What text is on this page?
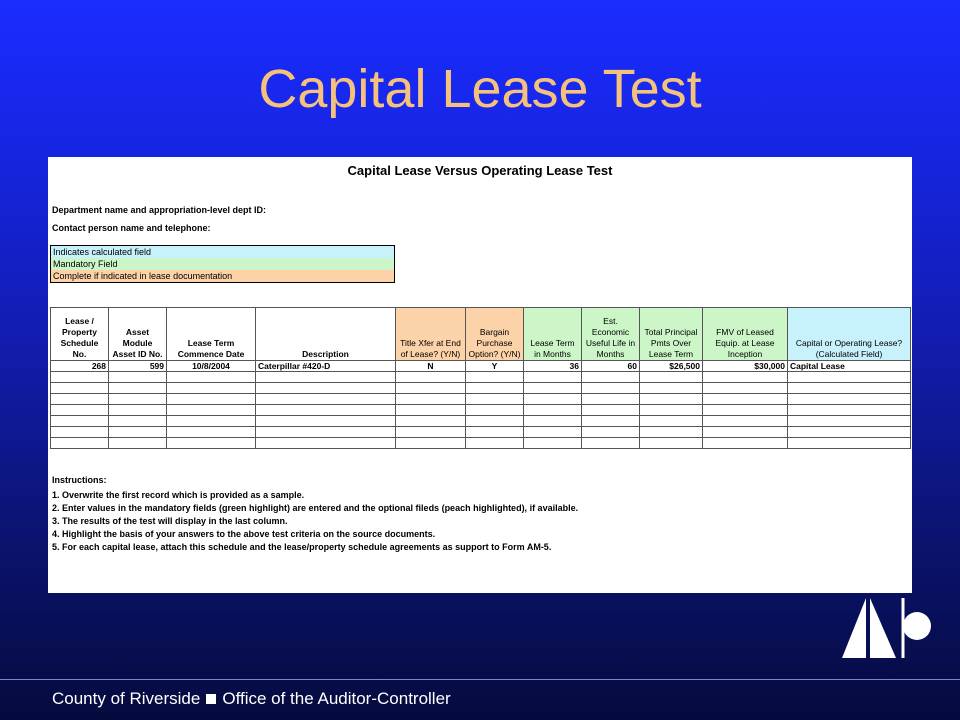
Capital Lease Test
Capital Lease Versus Operating Lease Test
Department name and appropriation-level dept ID:
Contact person name and telephone:
Indicates calculated field
Mandatory Field
Complete if indicated in lease documentation
Lease / Property Schedule No.	Asset Module Asset ID No.	Lease Term Commence Date	Description	Title Xfer at End of Lease? (Y/N)	Bargain Purchase Option? (Y/N)	Lease Term in Months	Est. Economic Useful Life in Months	Total Principal Pmts Over Lease Term	FMV of Leased Equip. at Lease Inception	Capital or Operating Lease? (Calculated Field)
268	599	10/8/2004	Caterpillar #420-D	N	Y	36	60	$26,500	$30,000	Capital Lease

Instructions:
1. Overwrite the first record which is provided as a sample.
2. Enter values in the mandatory fields (green highlight) are entered and the optional fileds (peach highlighted), if available.
3. The results of the test will display in the last column.
4. Highlight the basis of your answers to the above test criteria on the source documents.
5. For each capital lease, attach this schedule and the lease/property schedule agreements as support to Form AM-5.
County of Riverside Office of the Auditor-Controller
